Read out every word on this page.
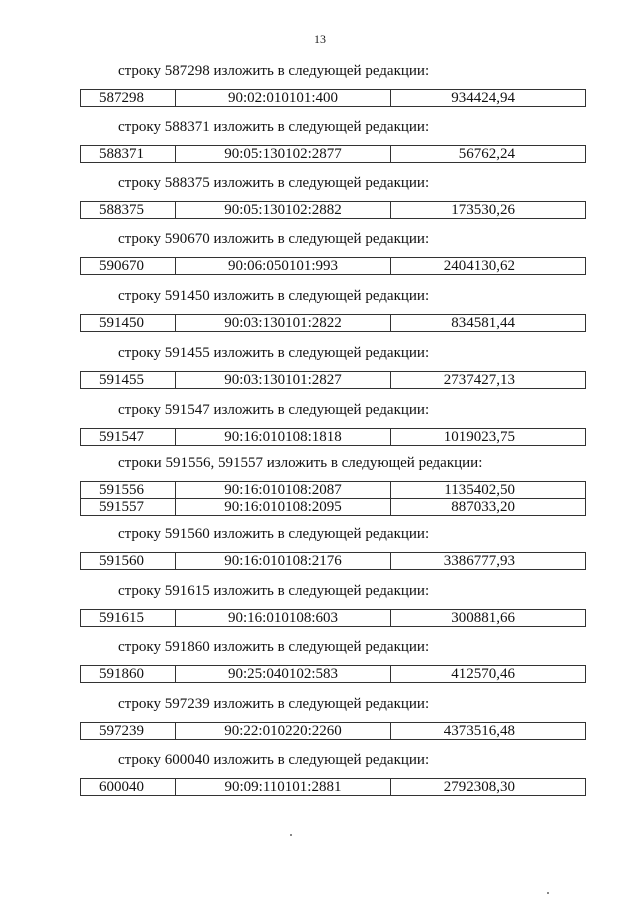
13
строку 587298 изложить в следующей редакции:
587298	90:02:010101:400	934424,94
строку 588371 изложить в следующей редакции:
588371	90:05:130102:2877	56762,24
строку 588375 изложить в следующей редакции:
588375	90:05:130102:2882	173530,26
строку 590670 изложить в следующей редакции:
590670	90:06:050101:993	2404130,62
строку 591450 изложить в следующей редакции:
591450	90:03:130101:2822	834581,44
строку 591455 изложить в следующей редакции:
591455	90:03:130101:2827	2737427,13
строку 591547 изложить в следующей редакции:
591547	90:16:010108:1818	1019023,75
строки 591556, 591557 изложить в следующей редакции:
591556	90:16:010108:2087	1135402,50
591557	90:16:010108:2095	887033,20
строку 591560 изложить в следующей редакции:
591560	90:16:010108:2176	3386777,93
строку 591615 изложить в следующей редакции:
591615	90:16:010108:603	300881,66
строку 591860 изложить в следующей редакции:
591860	90:25:040102:583	412570,46
строку 597239 изложить в следующей редакции:
597239	90:22:010220:2260	4373516,48
строку 600040 изложить в следующей редакции:
600040	90:09:110101:2881	2792308,30
